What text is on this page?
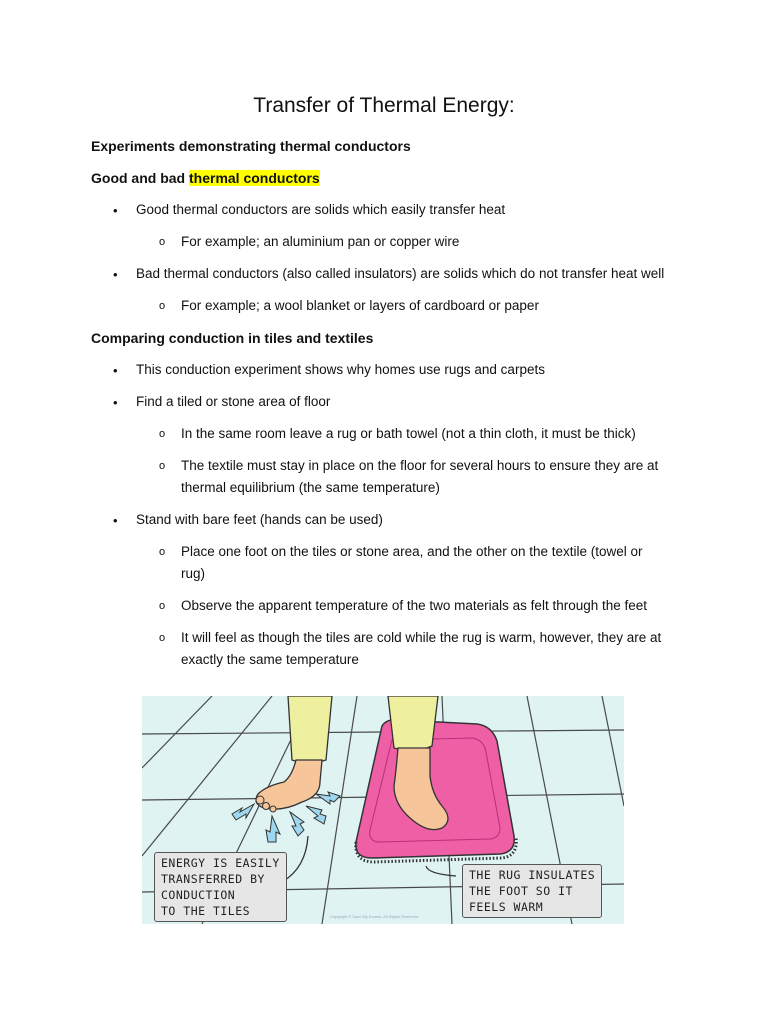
Transfer of Thermal Energy:

Experiments demonstrating thermal conductors

Good and bad thermal conductors

• Good thermal conductors are solids which easily transfer heat

o For example; an aluminium pan or copper wire

• Bad thermal conductors (also called insulators) are solids which do not transfer heat well

o For example; a wool blanket or layers of cardboard or paper

Comparing conduction in tiles and textiles

• This conduction experiment shows why homes use rugs and carpets

• Find a tiled or stone area of floor

o In the same room leave a rug or bath towel (not a thin cloth, it must be thick)

o The textile must stay in place on the floor for several hours to ensure they are at

thermal equilibrium (the same temperature)

• Stand with bare feet (hands can be used)

o Place one foot on the tiles or stone area, and the other on the textile (towel or

rug)

o Observe the apparent temperature of the two materials as felt through the feet

o It will feel as though the tiles are cold while the rug is warm, however, they are at

exactly the same temperature

ENERGY IS EASILY
TRANSFERRED BY
CONDUCTION
TO THE TILES
THE RUG INSULATES
THE FOOT SO IT
FEELS WARM
Copyright © Save My Exams. All Rights Reserved
